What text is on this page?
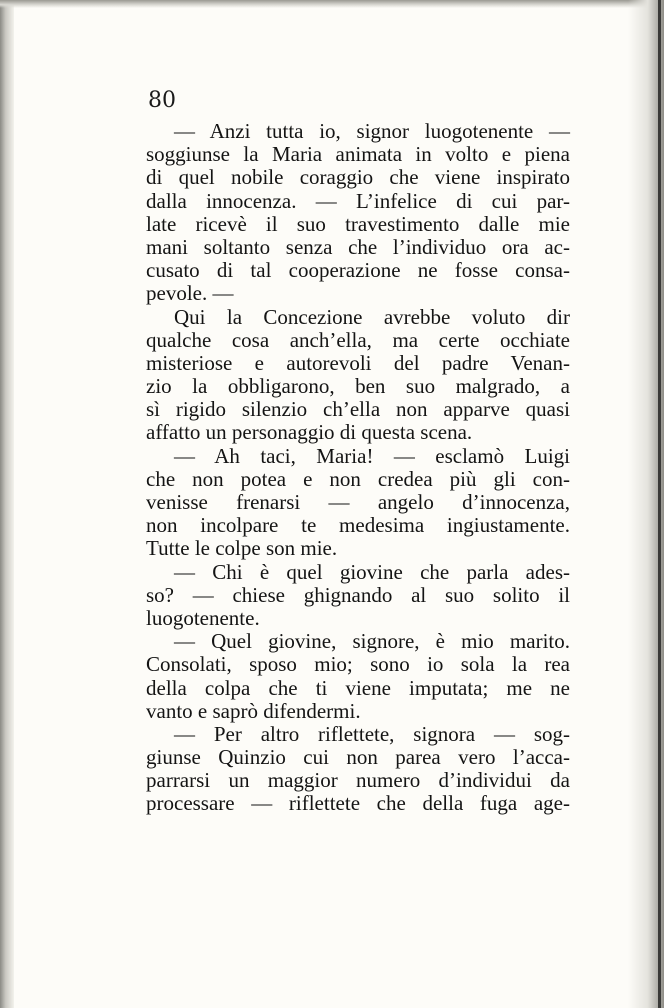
80
— Anzi tutta io, signor luogotenente —
soggiunse la Maria animata in volto e piena
di quel nobile coraggio che viene inspirato
dalla innocenza. — L’infelice di cui par-
late ricevè il suo travestimento dalle mie
mani soltanto senza che l’individuo ora ac-
cusato di tal cooperazione ne fosse consa-
pevole. —
Qui la Concezione avrebbe voluto dir
qualche cosa anch’ella, ma certe occhiate
misteriose e autorevoli del padre Venan-
zio la obbligarono, ben suo malgrado, a
sì rigido silenzio ch’ella non apparve quasi
affatto un personaggio di questa scena.
— Ah taci, Maria! — esclamò Luigi
che non potea e non credea più gli con-
venisse frenarsi — angelo d’innocenza,
non incolpare te medesima ingiustamente.
Tutte le colpe son mie.
— Chi è quel giovine che parla ades-
so? — chiese ghignando al suo solito il
luogotenente.
— Quel giovine, signore, è mio marito.
Consolati, sposo mio; sono io sola la rea
della colpa che ti viene imputata; me ne
vanto e saprò difendermi.
— Per altro riflettete, signora — sog-
giunse Quinzio cui non parea vero l’acca-
parrarsi un maggior numero d’individui da
processare — riflettete che della fuga age-
